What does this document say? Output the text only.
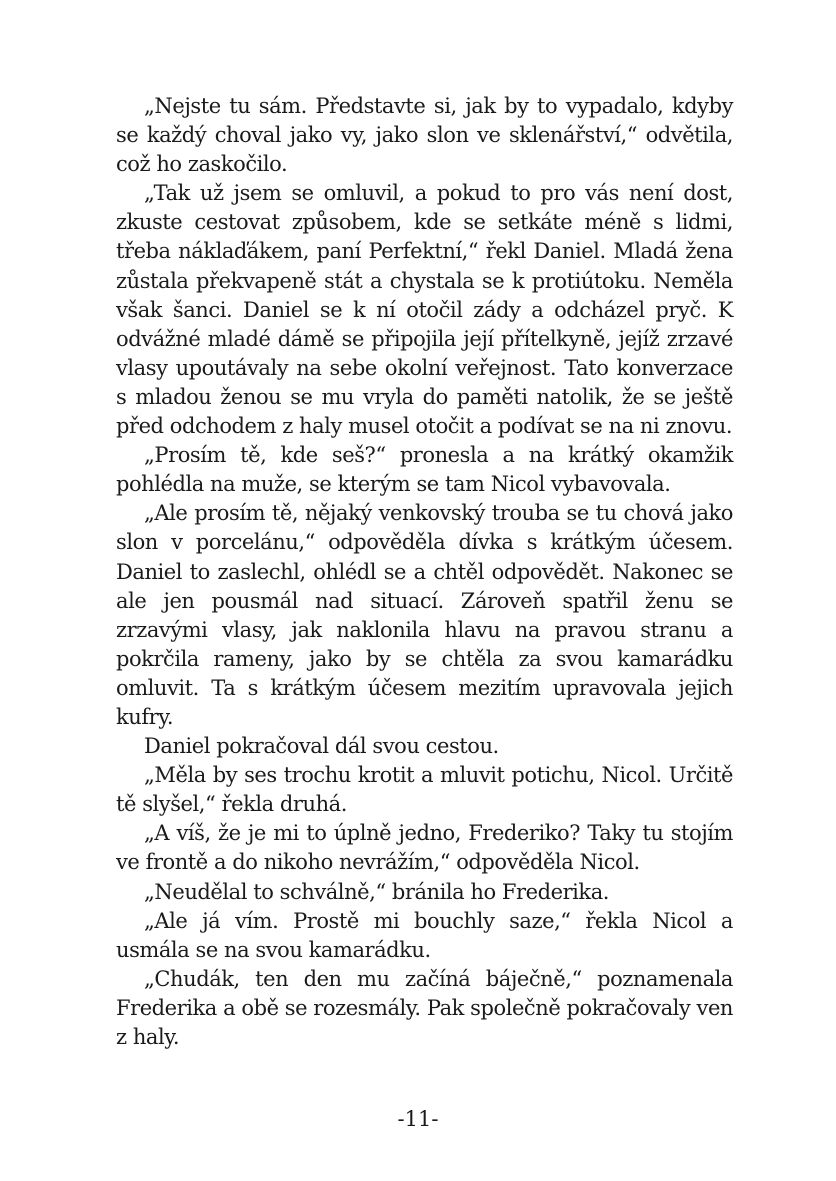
„Nejste tu sám. Představte si, jak by to vypadalo, kdyby se každý choval jako vy, jako slon ve sklenářství,“ odvětila, což ho zaskočilo.

„Tak už jsem se omluvil, a pokud to pro vás není dost, zkuste cestovat způsobem, kde se setkáte méně s lidmi, třeba náklaďákem, paní Perfektní,“ řekl Daniel. Mladá žena zůstala překvapeně stát a chystala se k protiútoku. Neměla však šanci. Daniel se k ní otočil zády a odcházel pryč. K odvážné mladé dámě se připojila její přítelkyně, jejíž zrzavé vlasy upoutávaly na sebe okolní veřejnost. Tato konverzace s mladou ženou se mu vryla do paměti natolik, že se ještě před odchodem z haly musel otočit a podívat se na ni znovu.

„Prosím tě, kde seš?“ pronesla a na krátký okamžik pohlédla na muže, se kterým se tam Nicol vybavovala.

„Ale prosím tě, nějaký venkovský trouba se tu chová jako slon v porcelánu,“ odpověděla dívka s krátkým účesem. Daniel to zaslechl, ohlédl se a chtěl odpovědět. Nakonec se ale jen pousmál nad situací. Zároveň spatřil ženu se zrzavými vlasy, jak naklonila hlavu na pravou stranu a pokrčila rameny, jako by se chtěla za svou kamarádku omluvit. Ta s krátkým účesem mezitím upravovala jejich kufry.

Daniel pokračoval dál svou cestou.

„Měla by ses trochu krotit a mluvit potichu, Nicol. Určitě tě slyšel,“ řekla druhá.

„A víš, že je mi to úplně jedno, Frederiko? Taky tu stojím ve frontě a do nikoho nevrážím,“ odpověděla Nicol.

„Neudělal to schválně,“ bránila ho Frederika.

„Ale já vím. Prostě mi bouchly saze,“ řekla Nicol a usmála se na svou kamarádku.

„Chudák, ten den mu začíná báječně,“ poznamenala Frederika a obě se rozesmály. Pak společně pokračovaly ven z haly.

-11-
